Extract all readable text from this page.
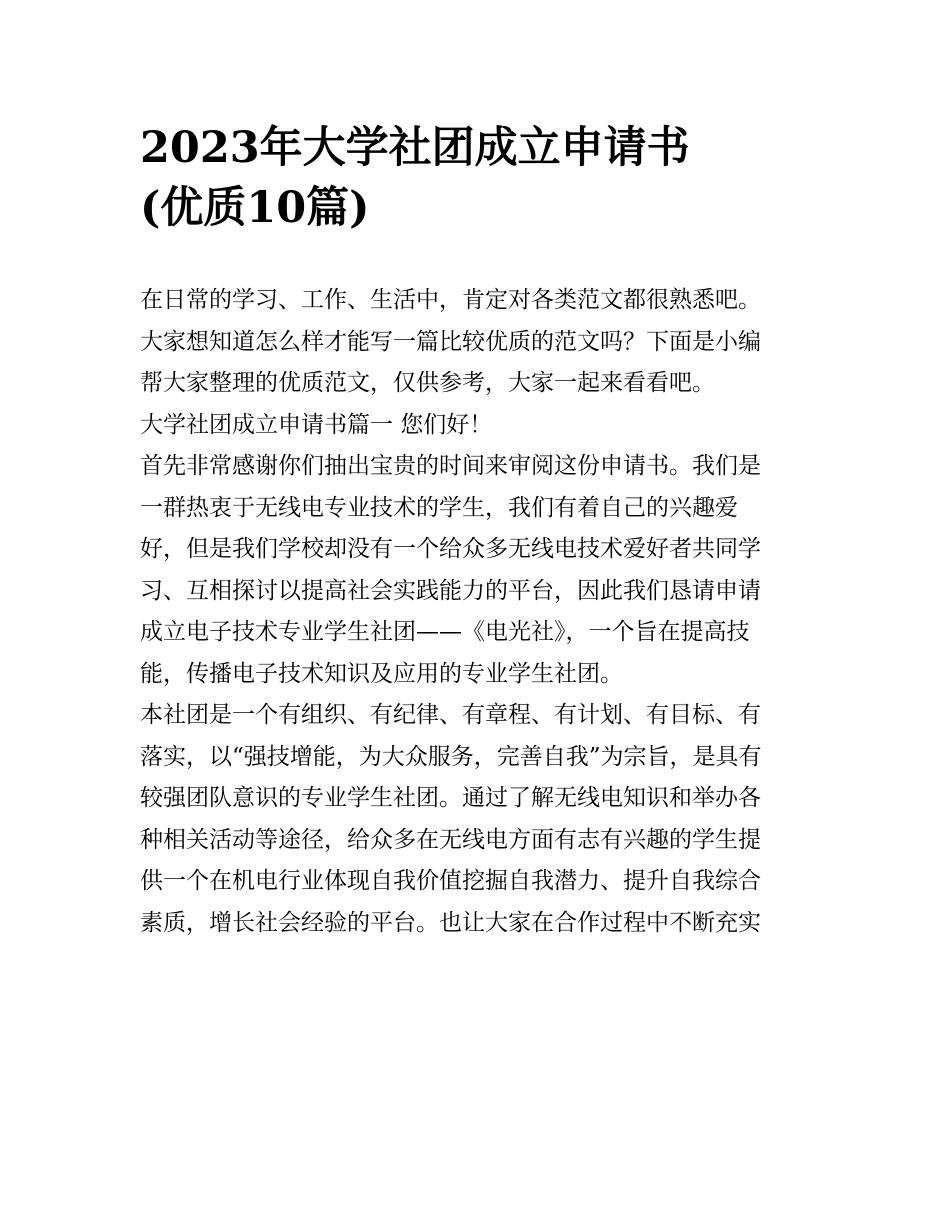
2023年大学社团成立申请书
(优质10篇)
在日常的学习、工作、生活中，肯定对各类范文都很熟悉吧。
大家想知道怎么样才能写一篇比较优质的范文吗？下面是小编
帮大家整理的优质范文，仅供参考，大家一起来看看吧。
大学社团成立申请书篇一 您们好！
首先非常感谢你们抽出宝贵的时间来审阅这份申请书。我们是
一群热衷于无线电专业技术的学生，我们有着自己的兴趣爱
好，但是我们学校却没有一个给众多无线电技术爱好者共同学
习、互相探讨以提高社会实践能力的平台，因此我们恳请申请
成立电子技术专业学生社团——《电光社》，一个旨在提高技
能，传播电子技术知识及应用的专业学生社团。
本社团是一个有组织、有纪律、有章程、有计划、有目标、有
落实，以“强技增能，为大众服务，完善自我”为宗旨，是具有
较强团队意识的专业学生社团。通过了解无线电知识和举办各
种相关活动等途径，给众多在无线电方面有志有兴趣的学生提
供一个在机电行业体现自我价值挖掘自我潜力、提升自我综合
素质，增长社会经验的平台。也让大家在合作过程中不断充实
